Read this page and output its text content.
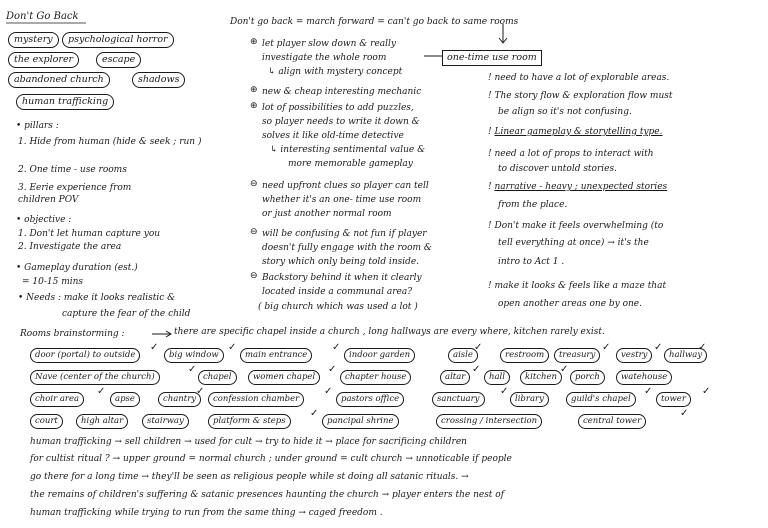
Don't Go Back
mystery	psychological horror
the explorer	escape
abandoned church	shadows
human trafficking
• pillars :
1. Hide from human (hide & seek ; run )
2. One time - use rooms
3. Eerie experience from children POV
• objective :
1. Don't let human capture you
2. Investigate the area
• Gameplay duration (est.)
= 10-15 mins
• Needs : make it looks realistic &
capture the fear of the child
Don't go back = march forward = can't go back to same rooms
one-time use room
⊕ let player slow down & really
investigate the whole room
↳ align with mystery concept
⊕ new & cheap interesting mechanic
⊕ lot of possibilities to add puzzles,
so player needs to write it down &
solves it like old-time detective
↳ interesting sentimental value &
more memorable gameplay
⊖ need upfront clues so player can tell
whether it's an one- time use room
or just another normal room
⊖ will be confusing & not fun if player
doesn't fully engage with the room &
story which only being told inside.
⊖ Backstory behind it when it clearly
located inside a communal area?
( big church which was used a lot )
! need to have a lot of explorable areas.
! The story flow & exploration flow must
be align so it's not confusing.
! Linear gameplay & storytelling type.
! need a lot of props to interact with
to discover untold stories.
! narrative - heavy ; unexpected stories
from the place.
! Don't make it feels overwhelming (to
tell everything at once) → it's the
intro to Act 1 .
! make it looks & feels like a maze that
open another areas one by one.
Rooms brainstorming :	there are specific chapel inside a church , long hallways are every where, kitchen rarely exist.
door (portal) to outside	big window	main entrance	indoor garden	aisle	restroom	treasury	vestry	hallway
Nave (center of the church)	chapel	women chapel	chapter house	altar	hall	kitchen	porch	watehouse
choir area	apse	chantry	confession chamber	pastors office	sanctuary	library	guild's chapel	tower
court	high altar	stairway	platform & steps	pancipal shrine	crossing / intersection	central tower
✓	✓	✓	✓	✓	✓	✓
✓	✓	✓	✓
✓	✓	✓	✓	✓	✓
✓	✓
human trafficking → sell children → used for cult → try to hide it → place for sacrificing children
for cultist ritual ? → upper ground = normal church ; under ground = cult church → unnoticable if people
go there for a long time → they'll be seen as religious people while st doing all satanic rituals. →
the remains of children's suffering & satanic presences haunting the church → player enters the nest of
human trafficking while trying to run from the same thing → caged freedom .
